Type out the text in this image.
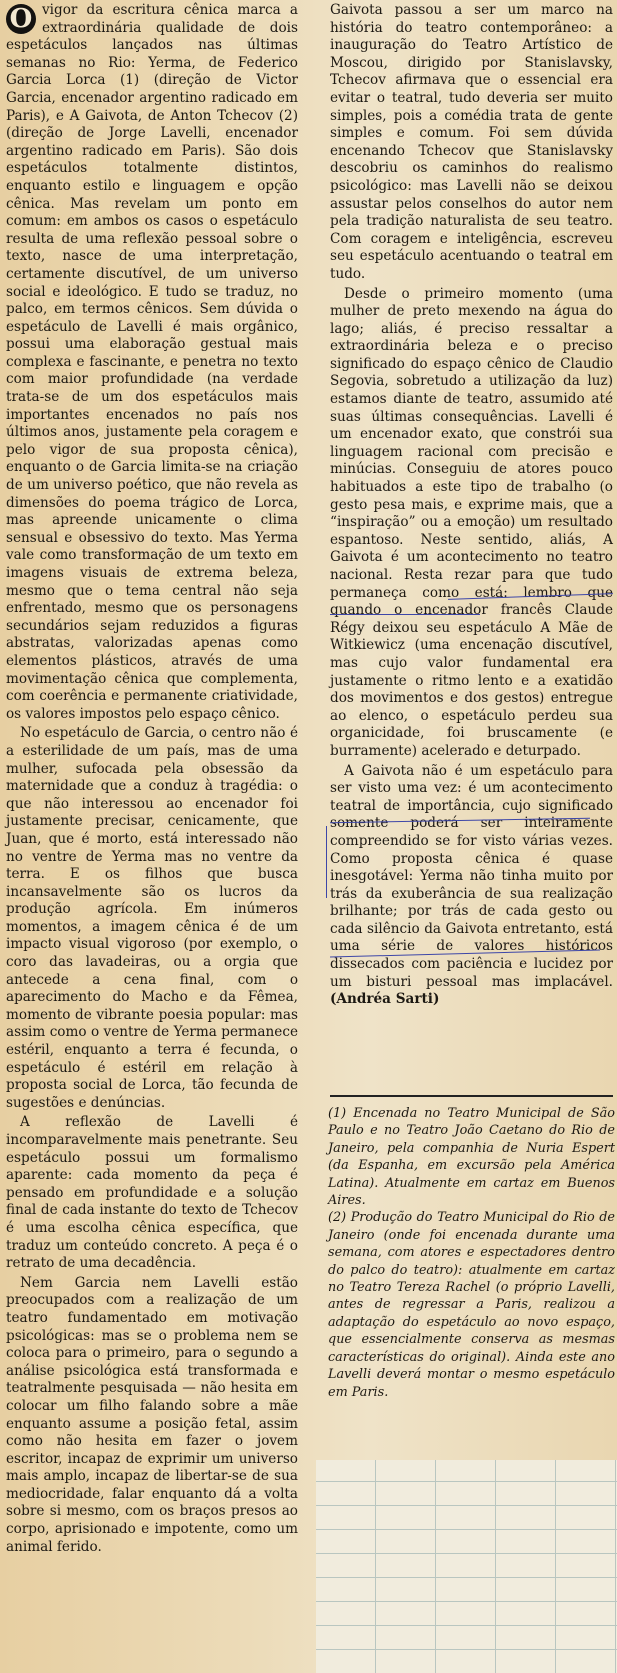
O vigor da escritura cênica marca a extraordinária qualidade de dois espetáculos lançados nas últimas semanas no Rio: Yerma, de Federico Garcia Lorca (1) (direção de Victor Garcia, encenador argentino radicado em Paris), e A Gaivota, de Anton Tchecov (2) (direção de Jorge Lavelli, encenador argentino radicado em Paris). São dois espetáculos totalmente distintos, enquanto estilo e linguagem e opção cênica. Mas revelam um ponto em comum: em ambos os casos o espetáculo resulta de uma reflexão pessoal sobre o texto, nasce de uma interpretação, certamente discutível, de um universo social e ideológico. E tudo se traduz, no palco, em termos cênicos. Sem dúvida o espetáculo de Lavelli é mais orgânico, possui uma elaboração gestual mais complexa e fascinante, e penetra no texto com maior profundidade (na verdade trata-se de um dos espetáculos mais importantes encenados no país nos últimos anos, justamente pela coragem e pelo vigor de sua proposta cênica), enquanto o de Garcia limita-se na criação de um universo poético, que não revela as dimensões do poema trágico de Lorca, mas apreende unicamente o clima sensual e obsessivo do texto. Mas Yerma vale como transformação de um texto em imagens visuais de extrema beleza, mesmo que o tema central não seja enfrentado, mesmo que os personagens secundários sejam reduzidos a figuras abstratas, valorizadas apenas como elementos plásticos, através de uma movimentação cênica que complementa, com coerência e permanente criatividade, os valores impostos pelo espaço cênico.

No espetáculo de Garcia, o centro não é a esterilidade de um país, mas de uma mulher, sufocada pela obsessão da maternidade que a conduz à tragédia: o que não interessou ao encenador foi justamente precisar, cenicamente, que Juan, que é morto, está interessado não no ventre de Yerma mas no ventre da terra. E os filhos que busca incansavelmente são os lucros da produção agrícola. Em inúmeros momentos, a imagem cênica é de um impacto visual vigoroso (por exemplo, o coro das lavadeiras, ou a orgia que antecede a cena final, com o aparecimento do Macho e da Fêmea, momento de vibrante poesia popular: mas assim como o ventre de Yerma permanece estéril, enquanto a terra é fecunda, o espetáculo é estéril em relação à proposta social de Lorca, tão fecunda de sugestões e denúncias.

A reflexão de Lavelli é incomparavelmente mais penetrante. Seu espetáculo possui um formalismo aparente: cada momento da peça é pensado em profundidade e a solução final de cada instante do texto de Tchecov é uma escolha cênica específica, que traduz um conteúdo concreto. A peça é o retrato de uma decadência.

Nem Garcia nem Lavelli estão preocupados com a realização de um teatro fundamentado em motivação psicológicas: mas se o problema nem se coloca para o primeiro, para o segundo a análise psicológica está transformada e teatralmente pesquisada — não hesita em colocar um filho falando sobre a mãe enquanto assume a posição fetal, assim como não hesita em fazer o jovem escritor, incapaz de exprimir um universo mais amplo, incapaz de libertar-se de sua mediocridade, falar enquanto dá a volta sobre si mesmo, com os braços presos ao corpo, aprisionado e impotente, como um animal ferido.

Gaivota passou a ser um marco na história do teatro contemporâneo: a inauguração do Teatro Artístico de Moscou, dirigido por Stanislavsky, Tchecov afirmava que o essencial era evitar o teatral, tudo deveria ser muito simples, pois a comédia trata de gente simples e comum. Foi sem dúvida encenando Tchecov que Stanislavsky descobriu os caminhos do realismo psicológico: mas Lavelli não se deixou assustar pelos conselhos do autor nem pela tradição naturalista de seu teatro. Com coragem e inteligência, escreveu seu espetáculo acentuando o teatral em tudo.

Desde o primeiro momento (uma mulher de preto mexendo na água do lago; aliás, é preciso ressaltar a extraordinária beleza e o preciso significado do espaço cênico de Claudio Segovia, sobretudo a utilização da luz) estamos diante de teatro, assumido até suas últimas consequências. Lavelli é um encenador exato, que constrói sua linguagem racional com precisão e minúcias. Conseguiu de atores pouco habituados a este tipo de trabalho (o gesto pesa mais, e exprime mais, que a “inspiração” ou a emoção) um resultado espantoso. Neste sentido, aliás, A Gaivota é um acontecimento no teatro nacional. Resta rezar para que tudo permaneça como está: lembro que quando o encenador francês Claude Régy deixou seu espetáculo A Mãe de Witkiewicz (uma encenação discutível, mas cujo valor fundamental era justamente o ritmo lento e a exatidão dos movimentos e dos gestos) entregue ao elenco, o espetáculo perdeu sua organicidade, foi bruscamente (e burramente) acelerado e deturpado.

A Gaivota não é um espetáculo para ser visto uma vez: é um acontecimento teatral de importância, cujo significado somente poderá ser inteiramente compreendido se for visto várias vezes. Como proposta cênica é quase inesgotável: Yerma não tinha muito por trás da exuberância de sua realização brilhante; por trás de cada gesto ou cada silêncio da Gaivota entretanto, está uma série de valores históricos dissecados com paciência e lucidez por um bisturi pessoal mas implacável. (Andréa Sarti)

(1) Encenada no Teatro Municipal de São Paulo e no Teatro João Caetano do Rio de Janeiro, pela companhia de Nuria Espert (da Espanha, em excursão pela América Latina). Atualmente em cartaz em Buenos Aires.

(2) Produção do Teatro Municipal do Rio de Janeiro (onde foi encenada durante uma semana, com atores e espectadores dentro do palco do teatro): atualmente em cartaz no Teatro Tereza Rachel (o próprio Lavelli, antes de regressar a Paris, realizou a adaptação do espetáculo ao novo espaço, que essencialmente conserva as mesmas características do original). Ainda este ano Lavelli deverá montar o mesmo espetáculo em Paris.
